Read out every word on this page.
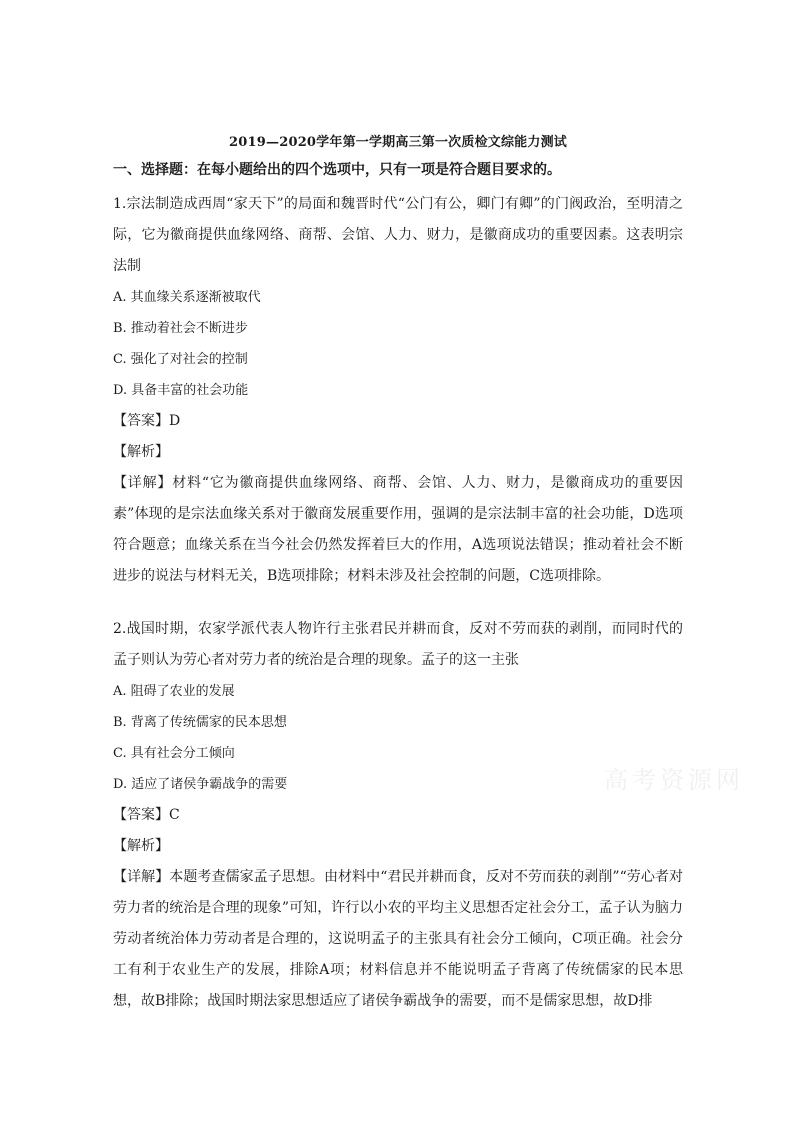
2019—2020学年第一学期高三第一次质检文综能力测试
一、选择题：在每小题给出的四个选项中，只有一项是符合题目要求的。

1.宗法制造成西周“家天下”的局面和魏晋时代“公门有公，卿门有卿”的门阀政治，至明清之际，它为徽商提供血缘网络、商帮、会馆、人力、财力，是徽商成功的重要因素。这表明宗法制

A. 其血缘关系逐渐被取代

B. 推动着社会不断进步

C. 强化了对社会的控制

D. 具备丰富的社会功能

【答案】D

【解析】

【详解】材料“它为徽商提供血缘网络、商帮、会馆、人力、财力，是徽商成功的重要因素”体现的是宗法血缘关系对于徽商发展重要作用，强调的是宗法制丰富的社会功能，D选项符合题意；血缘关系在当今社会仍然发挥着巨大的作用，A选项说法错误；推动着社会不断进步的说法与材料无关，B选项排除；材料未涉及社会控制的问题，C选项排除。

2.战国时期，农家学派代表人物许行主张君民并耕而食，反对不劳而获的剥削，而同时代的孟子则认为劳心者对劳力者的统治是合理的现象。孟子的这一主张

A. 阻碍了农业的发展

B. 背离了传统儒家的民本思想

C. 具有社会分工倾向

D. 适应了诸侯争霸战争的需要

【答案】C

【解析】

【详解】本题考查儒家孟子思想。由材料中“君民并耕而食，反对不劳而获的剥削”“劳心者对劳力者的统治是合理的现象”可知，许行以小农的平均主义思想否定社会分工，孟子认为脑力劳动者统治体力劳动者是合理的，这说明孟子的主张具有社会分工倾向，C项正确。社会分工有利于农业生产的发展，排除A项；材料信息并不能说明孟子背离了传统儒家的民本思想，故B排除；战国时期法家思想适应了诸侯争霸战争的需要，而不是儒家思想，故D排

高考资源网
